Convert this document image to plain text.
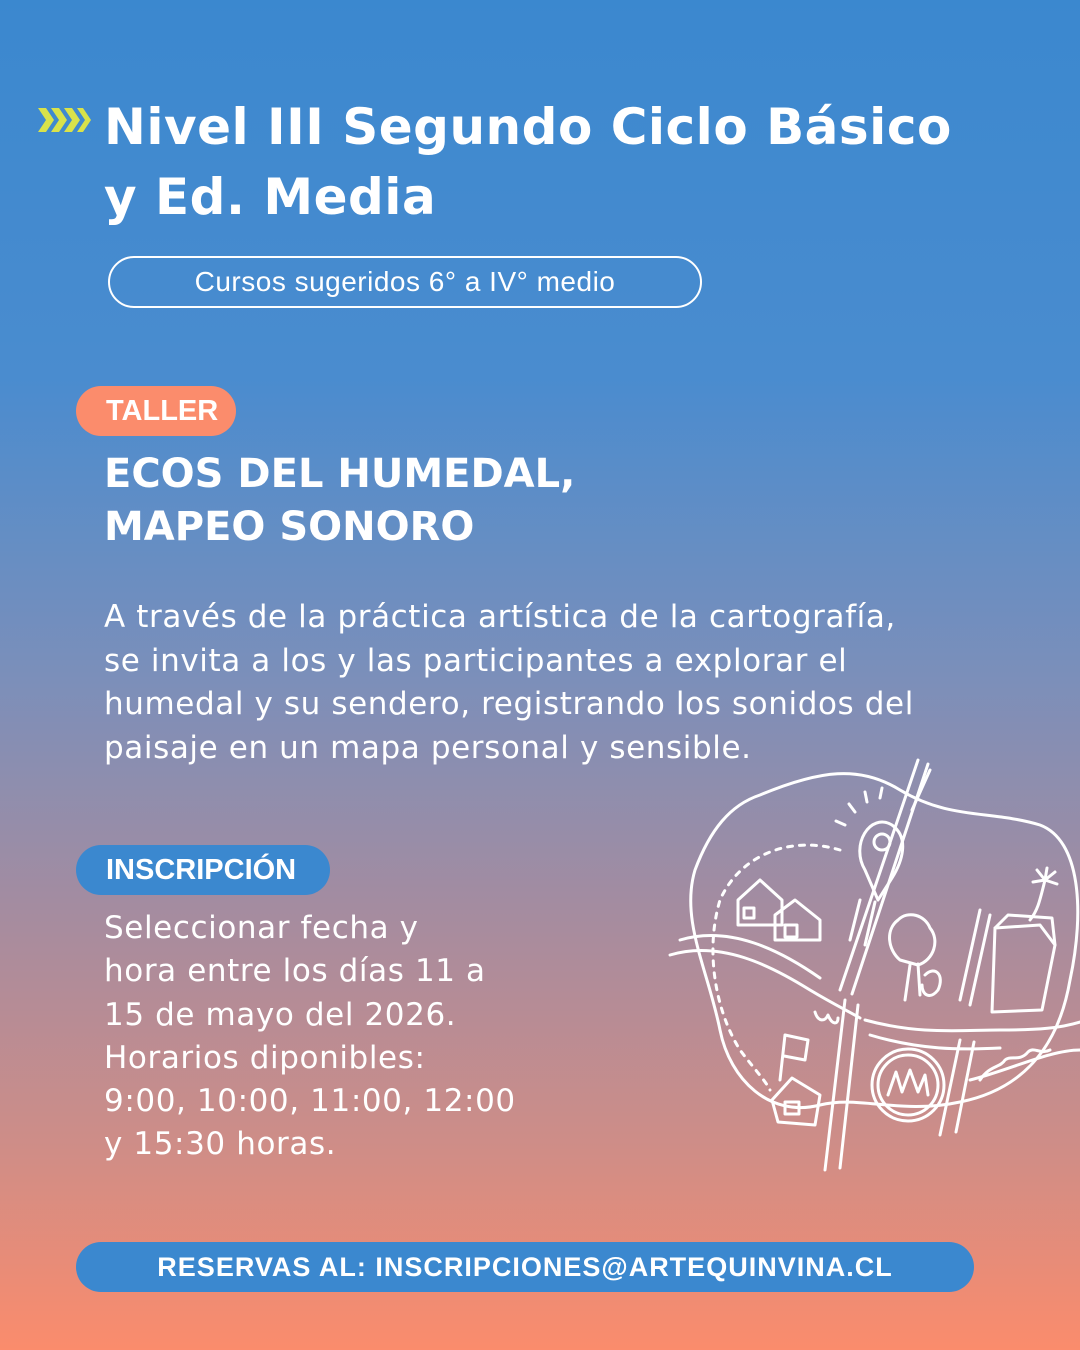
Nivel III Segundo Ciclo Básico
y Ed. Media
Cursos sugeridos 6° a IV° medio
TALLER
ECOS DEL HUMEDAL,
MAPEO SONORO

A través de la práctica artística de la cartografía,
se invita a los y las participantes a explorar el
humedal y su sendero, registrando los sonidos del
paisaje en un mapa personal y sensible.

INSCRIPCIÓN

Seleccionar fecha y
hora entre los días 11 a
15 de mayo del 2026.
Horarios diponibles:
9:00, 10:00, 11:00, 12:00
y 15:30 horas.

RESERVAS AL: INSCRIPCIONES@ARTEQUINVINA.CL
